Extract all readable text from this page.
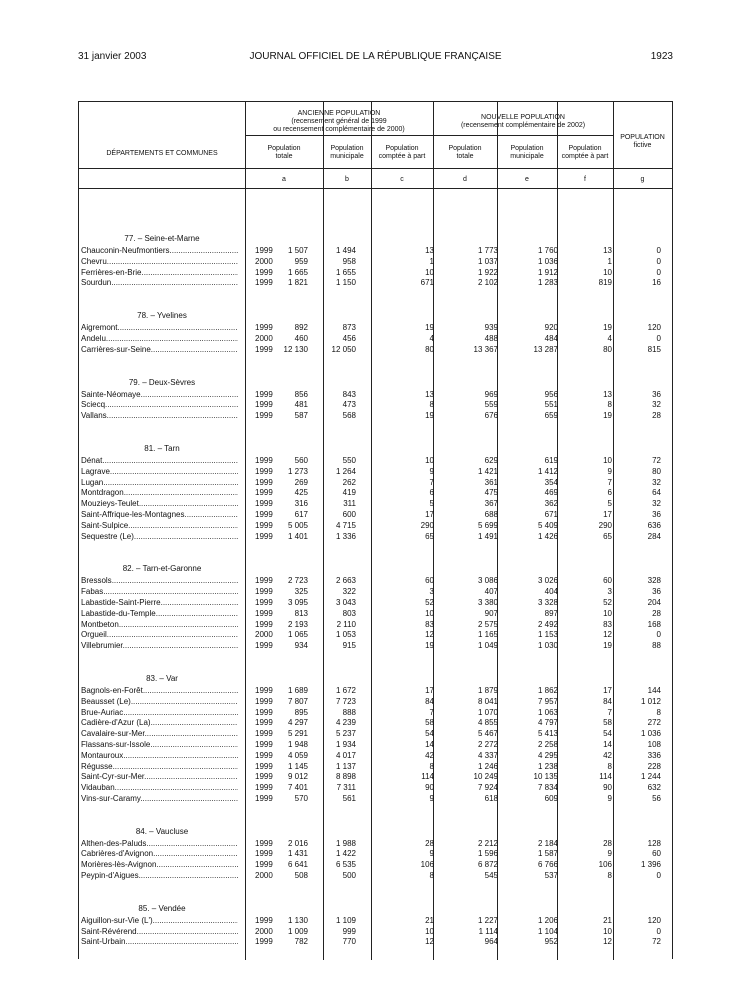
31 janvier 2003	JOURNAL OFFICIEL DE LA RÉPUBLIQUE FRANÇAISE	1923
DÉPARTEMENTS ET COMMUNES
ANCIENNE POPULATION
(recensement général de 1999
ou recensement complémentaire de 2000)
NOUVELLE POPULATION
(recensement complémentaire de 2002)
POPULATION
fictive
Population
totale
Population
municipale
Population
comptée à part
Population
totale
Population
municipale
Population
comptée à part
a	b	c	d	e	f	g
77. – Seine-et-Marne
Chauconin-Neufmontiers .....	1999 1 507	1 494	13	1 773	1 760	13	0
Chevru .....	2000	959	958	1	1 037	1 036	1	0
Ferrières-en-Brie .....	1999 1 665	1 655	10	1 922	1 912	10	0
Sourdun .....	1999 1 821	1 150	671	2 102	1 283	819	16
78. – Yvelines
Aigremont .....	1999	892	873	19	939	920	19	120
Andelu .....	2000	460	456	4	488	484	4	0
Carrières-sur-Seine .....	1999 12 130	12 050	80	13 367	13 287	80	815
79. – Deux-Sèvres
Sainte-Néomaye .....	1999	856	843	13	969	956	13	36
Sciecq .....	1999	481	473	8	559	551	8	32
Vallans .....	1999	587	568	19	676	659	19	28
81. – Tarn
Dénat .....	1999	560	550	10	629	619	10	72
Lagrave .....	1999 1 273	1 264	9	1 421	1 412	9	80
Lugan .....	1999	269	262	7	361	354	7	32
Montdragon .....	1999	425	419	6	475	469	6	64
Mouzieys-Teulet .....	1999	316	311	5	367	362	5	32
Saint-Affrique-les-Montagnes .....	1999	617	600	17	688	671	17	36
Saint-Sulpice .....	1999 5 005	4 715	290	5 699	5 409	290	636
Sequestre (Le) .....	1999 1 401	1 336	65	1 491	1 426	65	284
82. – Tarn-et-Garonne
Bressols .....	1999 2 723	2 663	60	3 086	3 026	60	328
Fabas .....	1999	325	322	3	407	404	3	36
Labastide-Saint-Pierre .....	1999 3 095	3 043	52	3 380	3 328	52	204
Labastide-du-Temple .....	1999	813	803	10	907	897	10	28
Montbeton .....	1999 2 193	2 110	83	2 575	2 492	83	168
Orgueil .....	2000 1 065	1 053	12	1 165	1 153	12	0
Villebrumier .....	1999	934	915	19	1 049	1 030	19	88
83. – Var
Bagnols-en-Forêt .....	1999 1 689	1 672	17	1 879	1 862	17	144
Beausset (Le) .....	1999 7 807	7 723	84	8 041	7 957	84	1 012
Brue-Auriac .....	1999	895	888	7	1 070	1 063	7	8
Cadière-d'Azur (La) .....	1999 4 297	4 239	58	4 855	4 797	58	272
Cavalaire-sur-Mer .....	1999 5 291	5 237	54	5 467	5 413	54	1 036
Flassans-sur-Issole .....	1999 1 948	1 934	14	2 272	2 258	14	108
Montauroux .....	1999 4 059	4 017	42	4 337	4 295	42	336
Régusse .....	1999 1 145	1 137	8	1 246	1 238	8	228
Saint-Cyr-sur-Mer .....	1999 9 012	8 898	114	10 249	10 135	114	1 244
Vidauban .....	1999 7 401	7 311	90	7 924	7 834	90	632
Vins-sur-Caramy .....	1999	570	561	9	618	609	9	56
84. – Vaucluse
Althen-des-Paluds .....	1999 2 016	1 988	28	2 212	2 184	28	128
Cabrières-d'Avignon .....	1999 1 431	1 422	9	1 596	1 587	9	60
Morières-lès-Avignon .....	1999 6 641	6 535	106	6 872	6 766	106	1 396
Peypin-d'Aigues .....	2000	508	500	8	545	537	8	0
85. – Vendée
Aiguillon-sur-Vie (L') .....	1999 1 130	1 109	21	1 227	1 206	21	120
Saint-Révérend .....	2000 1 009	999	10	1 114	1 104	10	0
Saint-Urbain .....	1999	782	770	12	964	952	12	72
